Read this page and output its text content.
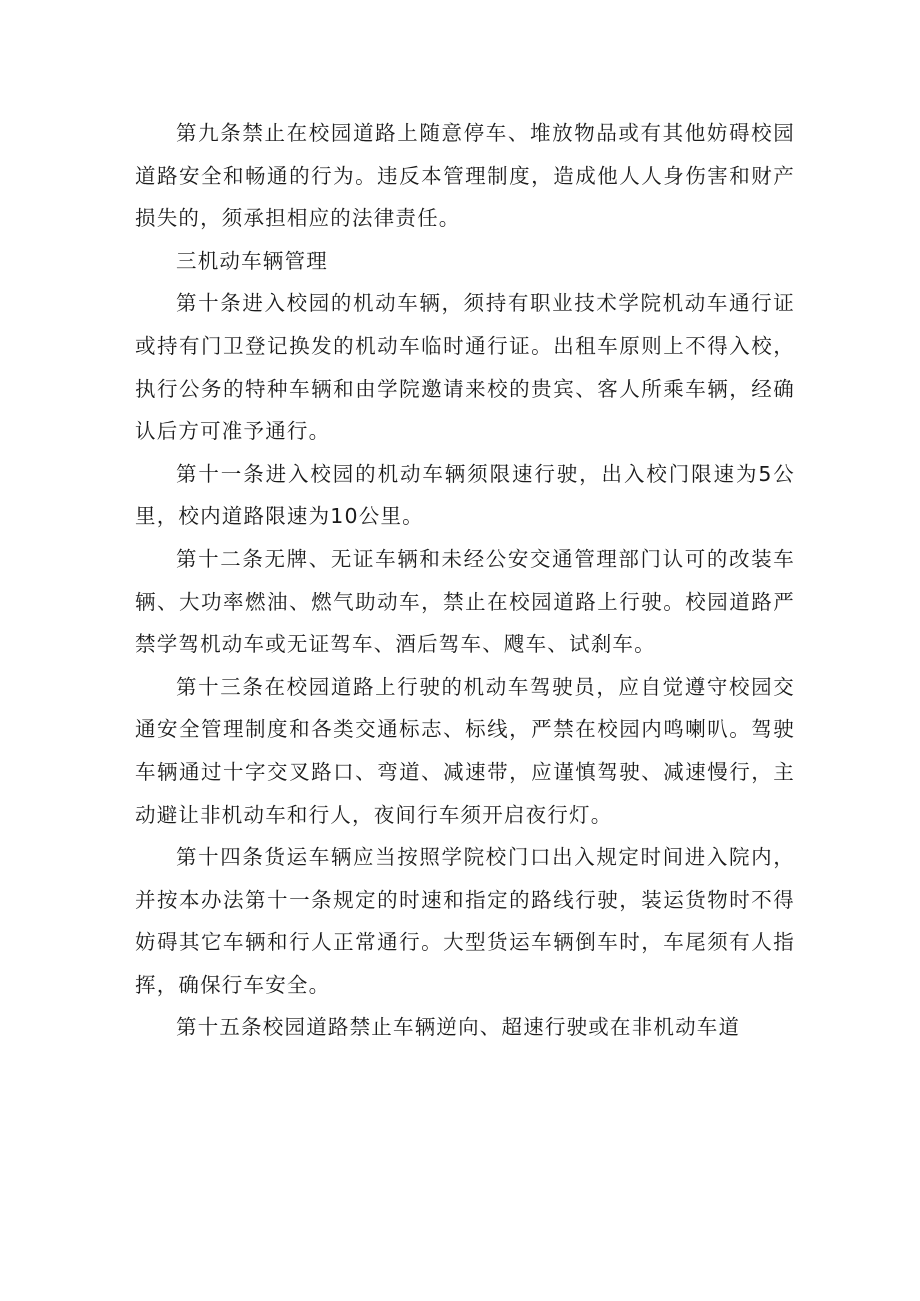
第九条禁止在校园道路上随意停车、堆放物品或有其他妨碍校园道路安全和畅通的行为。违反本管理制度，造成他人人身伤害和财产损失的，须承担相应的法律责任。

三机动车辆管理

第十条进入校园的机动车辆，须持有职业技术学院机动车通行证或持有门卫登记换发的机动车临时通行证。出租车原则上不得入校，执行公务的特种车辆和由学院邀请来校的贵宾、客人所乘车辆，经确认后方可准予通行。

第十一条进入校园的机动车辆须限速行驶，出入校门限速为5公里，校内道路限速为10公里。

第十二条无牌、无证车辆和未经公安交通管理部门认可的改装车辆、大功率燃油、燃气助动车，禁止在校园道路上行驶。校园道路严禁学驾机动车或无证驾车、酒后驾车、飕车、试刹车。

第十三条在校园道路上行驶的机动车驾驶员，应自觉遵守校园交通安全管理制度和各类交通标志、标线，严禁在校园内鸣喇叭。驾驶车辆通过十字交叉路口、弯道、减速带，应谨慎驾驶、减速慢行，主动避让非机动车和行人，夜间行车须开启夜行灯。

第十四条货运车辆应当按照学院校门口出入规定时间进入院内，并按本办法第十一条规定的时速和指定的路线行驶，装运货物时不得妨碍其它车辆和行人正常通行。大型货运车辆倒车时，车尾须有人指挥，确保行车安全。

第十五条校园道路禁止车辆逆向、超速行驶或在非机动车道
